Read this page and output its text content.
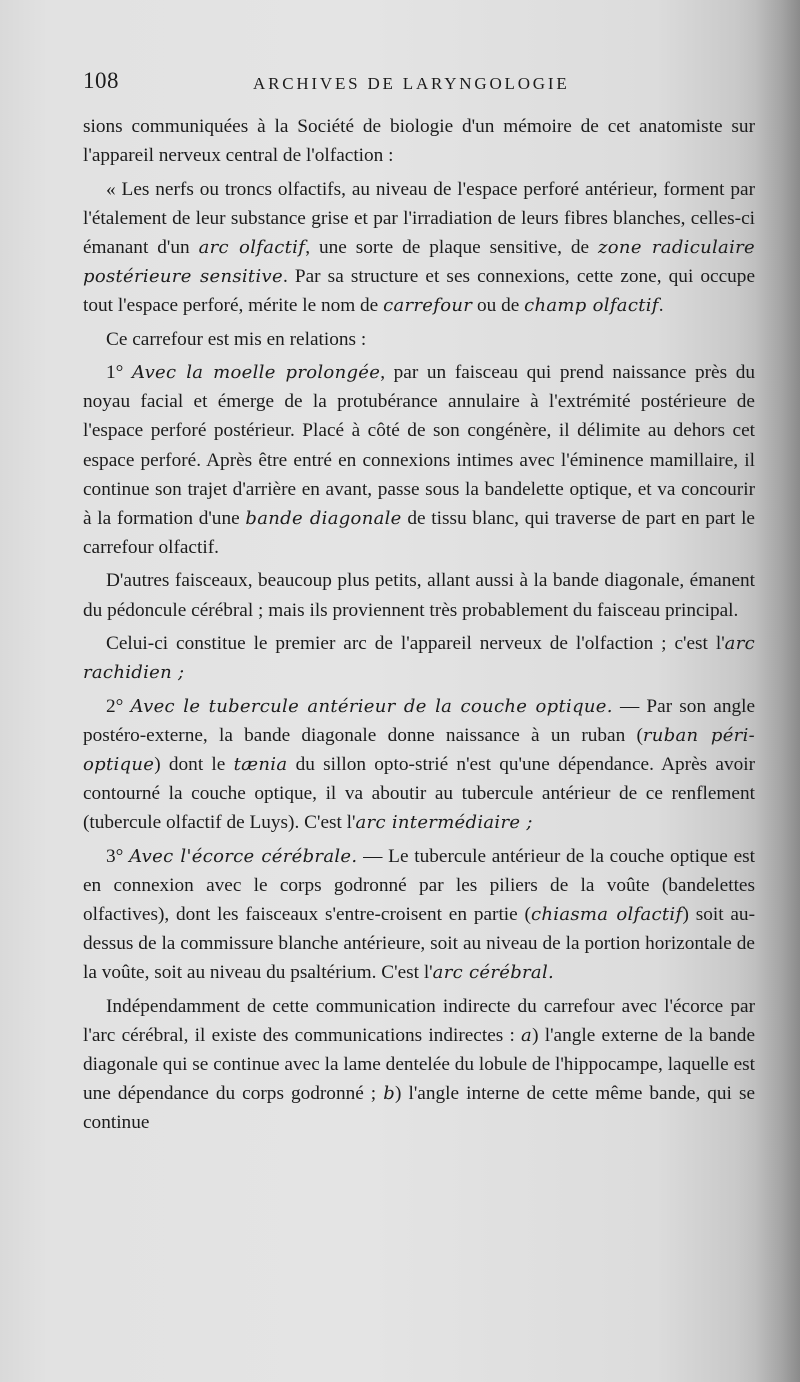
108	ARCHIVES DE LARYNGOLOGIE

sions communiquées à la Société de biologie d'un mémoire de cet anatomiste sur l'appareil nerveux central de l'olfaction :

« Les nerfs ou troncs olfactifs, au niveau de l'espace perforé antérieur, forment par l'étalement de leur substance grise et par l'irradiation de leurs fibres blanches, celles-ci émanant d'un arc olfactif, une sorte de plaque sensitive, de zone radiculaire postérieure sensitive. Par sa structure et ses connexions, cette zone, qui occupe tout l'espace perforé, mérite le nom de carrefour ou de champ olfactif.

Ce carrefour est mis en relations :

1° Avec la moelle prolongée, par un faisceau qui prend naissance près du noyau facial et émerge de la protubérance annulaire à l'extrémité postérieure de l'espace perforé postérieur. Placé à côté de son congénère, il délimite au dehors cet espace perforé. Après être entré en connexions intimes avec l'éminence mamillaire, il continue son trajet d'arrière en avant, passe sous la bandelette optique, et va concourir à la formation d'une bande diagonale de tissu blanc, qui traverse de part en part le carrefour olfactif.

D'autres faisceaux, beaucoup plus petits, allant aussi à la bande diagonale, émanent du pédoncule cérébral ; mais ils proviennent très probablement du faisceau principal.

Celui-ci constitue le premier arc de l'appareil nerveux de l'olfaction ; c'est l'arc rachidien ;

2° Avec le tubercule antérieur de la couche optique. — Par son angle postéro-externe, la bande diagonale donne naissance à un ruban (ruban péri-optique) dont le tænia du sillon opto-strié n'est qu'une dépendance. Après avoir contourné la couche optique, il va aboutir au tubercule antérieur de ce renflement (tubercule olfactif de Luys). C'est l'arc intermédiaire ;

3° Avec l'écorce cérébrale. — Le tubercule antérieur de la couche optique est en connexion avec le corps godronné par les piliers de la voûte (bandelettes olfactives), dont les faisceaux s'entre-croisent en partie (chiasma olfactif) soit au-dessus de la commissure blanche antérieure, soit au niveau de la portion horizontale de la voûte, soit au niveau du psaltérium. C'est l'arc cérébral.

Indépendamment de cette communication indirecte du carrefour avec l'écorce par l'arc cérébral, il existe des communications indirectes : a) l'angle externe de la bande diagonale qui se continue avec la lame dentelée du lobule de l'hippocampe, laquelle est une dépendance du corps godronné ; b) l'angle interne de cette même bande, qui se continue
